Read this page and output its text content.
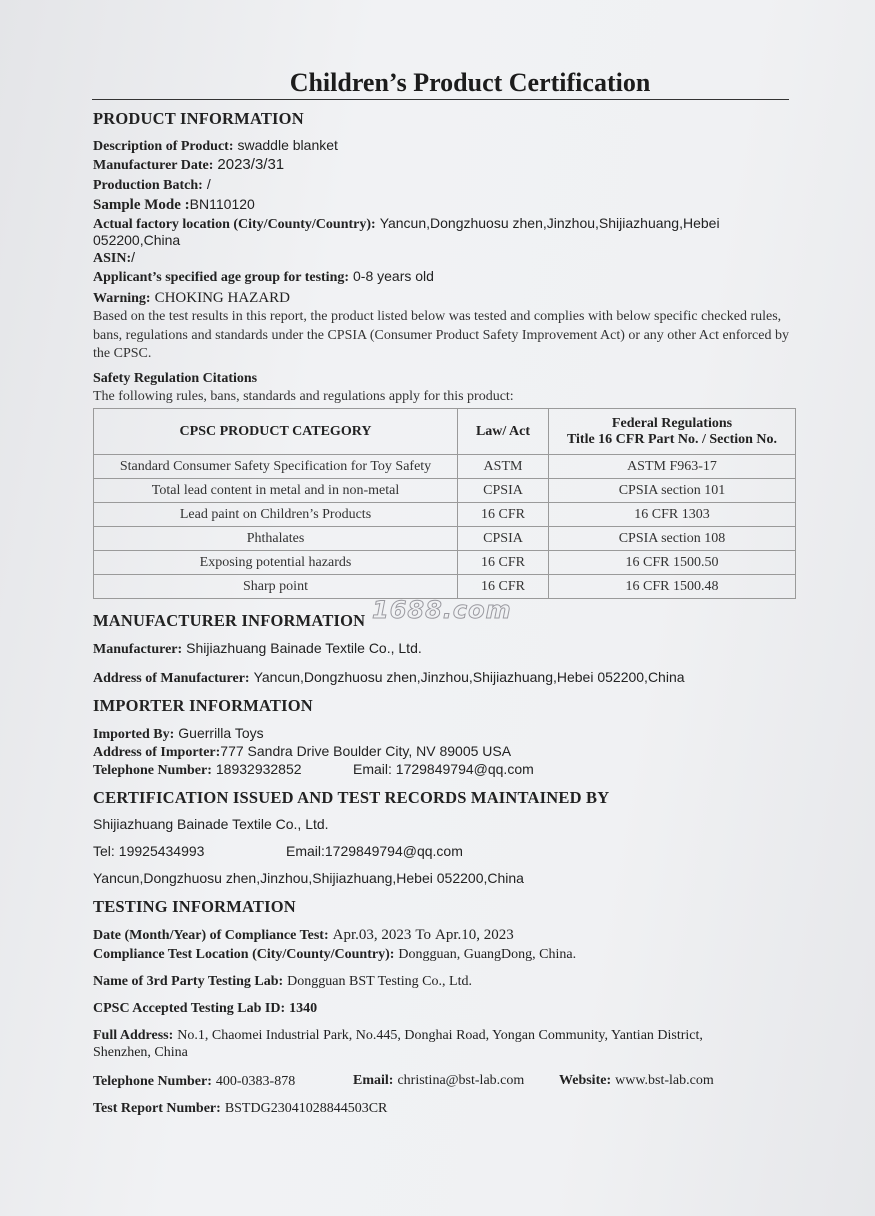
Children’s Product Certification
PRODUCT INFORMATION
Description of Product: swaddle blanket
Manufacturer Date: 2023/3/31
Production Batch: /
Sample Mode :BN110120
Actual factory location (City/County/Country): Yancun,Dongzhuosu zhen,Jinzhou,Shijiazhuang,Hebei
052200,China
ASIN:/
Applicant’s specified age group for testing: 0-8 years old
Warning: CHOKING HAZARD
Based on the test results in this report, the product listed below was tested and complies with below specific checked rules, bans, regulations and standards under the CPSIA (Consumer Product Safety Improvement Act) or any other Act enforced by the CPSC.
Safety Regulation Citations
The following rules, bans, standards and regulations apply for this product:
CPSC PRODUCT CATEGORY	Law/ Act	Federal Regulations
Title 16 CFR Part No. / Section No.

Standard Consumer Safety Specification for Toy Safety	ASTM	ASTM F963-17
Total lead content in metal and in non-metal	CPSIA	CPSIA section 101
Lead paint on Children’s Products	16 CFR	16 CFR 1303
Phthalates	CPSIA	CPSIA section 108
Exposing potential hazards	16 CFR	16 CFR 1500.50
Sharp point	16 CFR	16 CFR 1500.48
MANUFACTURER INFORMATION 1688.com
Manufacturer: Shijiazhuang Bainade Textile Co., Ltd.
Address of Manufacturer: Yancun,Dongzhuosu zhen,Jinzhou,Shijiazhuang,Hebei 052200,China
IMPORTER INFORMATION
Imported By: Guerrilla Toys
Address of Importer:777 Sandra Drive Boulder City, NV 89005 USA
Telephone Number: 18932932852	Email: 1729849794@qq.com
CERTIFICATION ISSUED AND TEST RECORDS MAINTAINED BY
Shijiazhuang Bainade Textile Co., Ltd.
Tel: 19925434993	Email:1729849794@qq.com
Yancun,Dongzhuosu zhen,Jinzhou,Shijiazhuang,Hebei 052200,China
TESTING INFORMATION
Date (Month/Year) of Compliance Test: Apr.03, 2023 To Apr.10, 2023
Compliance Test Location (City/County/Country): Dongguan, GuangDong, China.
Name of 3rd Party Testing Lab: Dongguan BST Testing Co., Ltd.
CPSC Accepted Testing Lab ID: 1340
Full Address: No.1, Chaomei Industrial Park, No.445, Donghai Road, Yongan Community, Yantian District,
Shenzhen, China
Telephone Number: 400-0383-878	Email: christina@bst-lab.com Website: www.bst-lab.com
Test Report Number: BSTDG23041028844503CR
